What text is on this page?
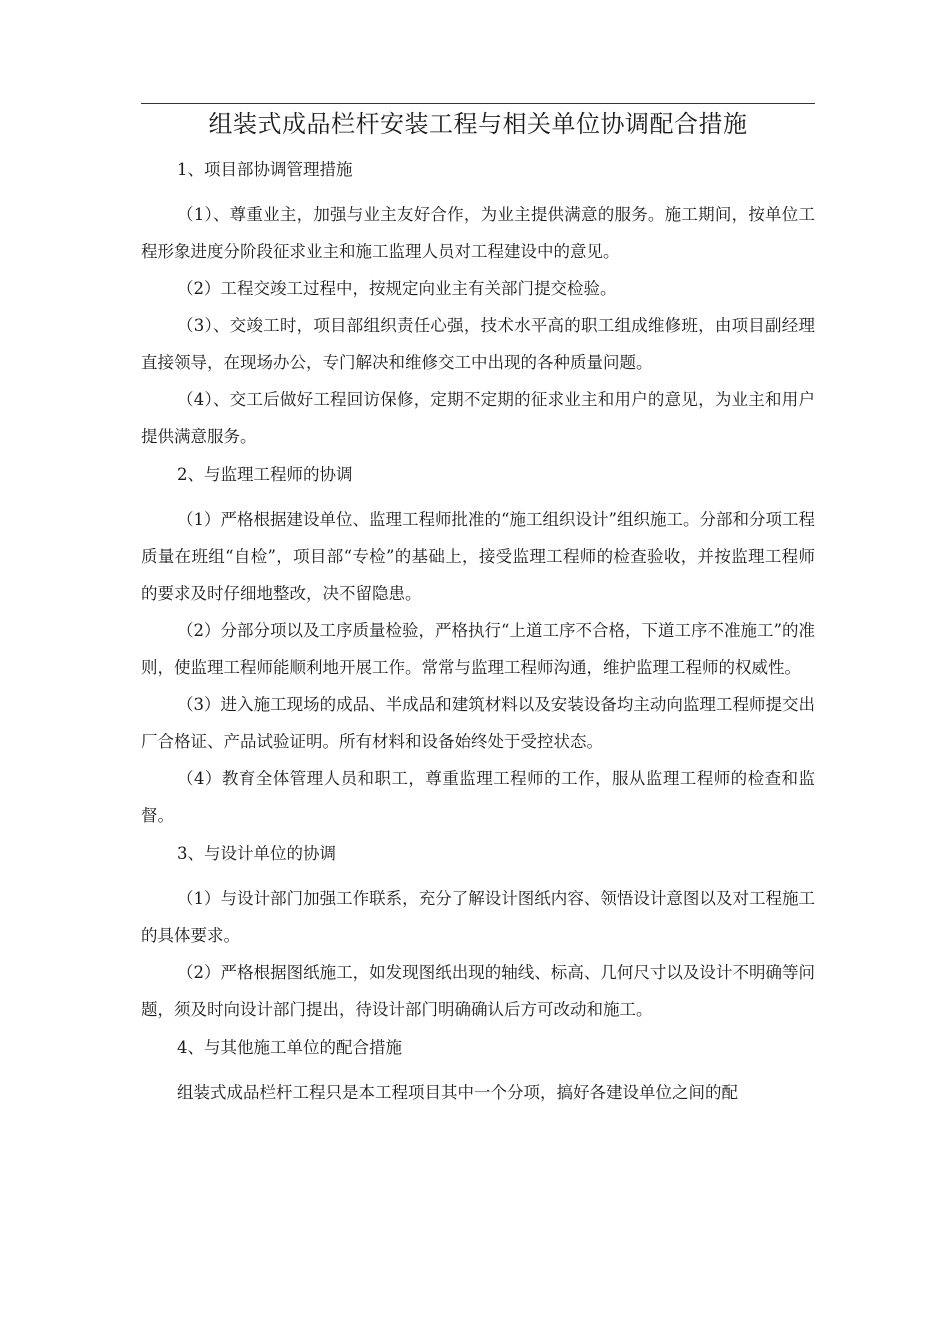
组装式成品栏杆安装工程与相关单位协调配合措施

1、项目部协调管理措施

（1）、尊重业主，加强与业主友好合作，为业主提供满意的服务。施工期间，按单位工程形象进度分阶段征求业主和施工监理人员对工程建设中的意见。

（2）工程交竣工过程中，按规定向业主有关部门提交检验。

（3）、交竣工时，项目部组织责任心强，技术水平高的职工组成维修班，由项目副经理直接领导，在现场办公，专门解决和维修交工中出现的各种质量问题。

（4）、交工后做好工程回访保修，定期不定期的征求业主和用户的意见，为业主和用户提供满意服务。

2、与监理工程师的协调

（1）严格根据建设单位、监理工程师批准的“施工组织设计”组织施工。分部和分项工程质量在班组“自检”，项目部“专检”的基础上，接受监理工程师的检查验收，并按监理工程师的要求及时仔细地整改，决不留隐患。

（2）分部分项以及工序质量检验，严格执行“上道工序不合格，下道工序不准施工”的准则，使监理工程师能顺利地开展工作。常常与监理工程师沟通，维护监理工程师的权威性。

（3）进入施工现场的成品、半成品和建筑材料以及安装设备均主动向监理工程师提交出厂合格证、产品试验证明。所有材料和设备始终处于受控状态。

（4）教育全体管理人员和职工，尊重监理工程师的工作，服从监理工程师的检查和监督。

3、与设计单位的协调

（1）与设计部门加强工作联系，充分了解设计图纸内容、领悟设计意图以及对工程施工的具体要求。

（2）严格根据图纸施工，如发现图纸出现的轴线、标高、几何尺寸以及设计不明确等问题，须及时向设计部门提出，待设计部门明确确认后方可改动和施工。

4、与其他施工单位的配合措施

组装式成品栏杆工程只是本工程项目其中一个分项，搞好各建设单位之间的配
